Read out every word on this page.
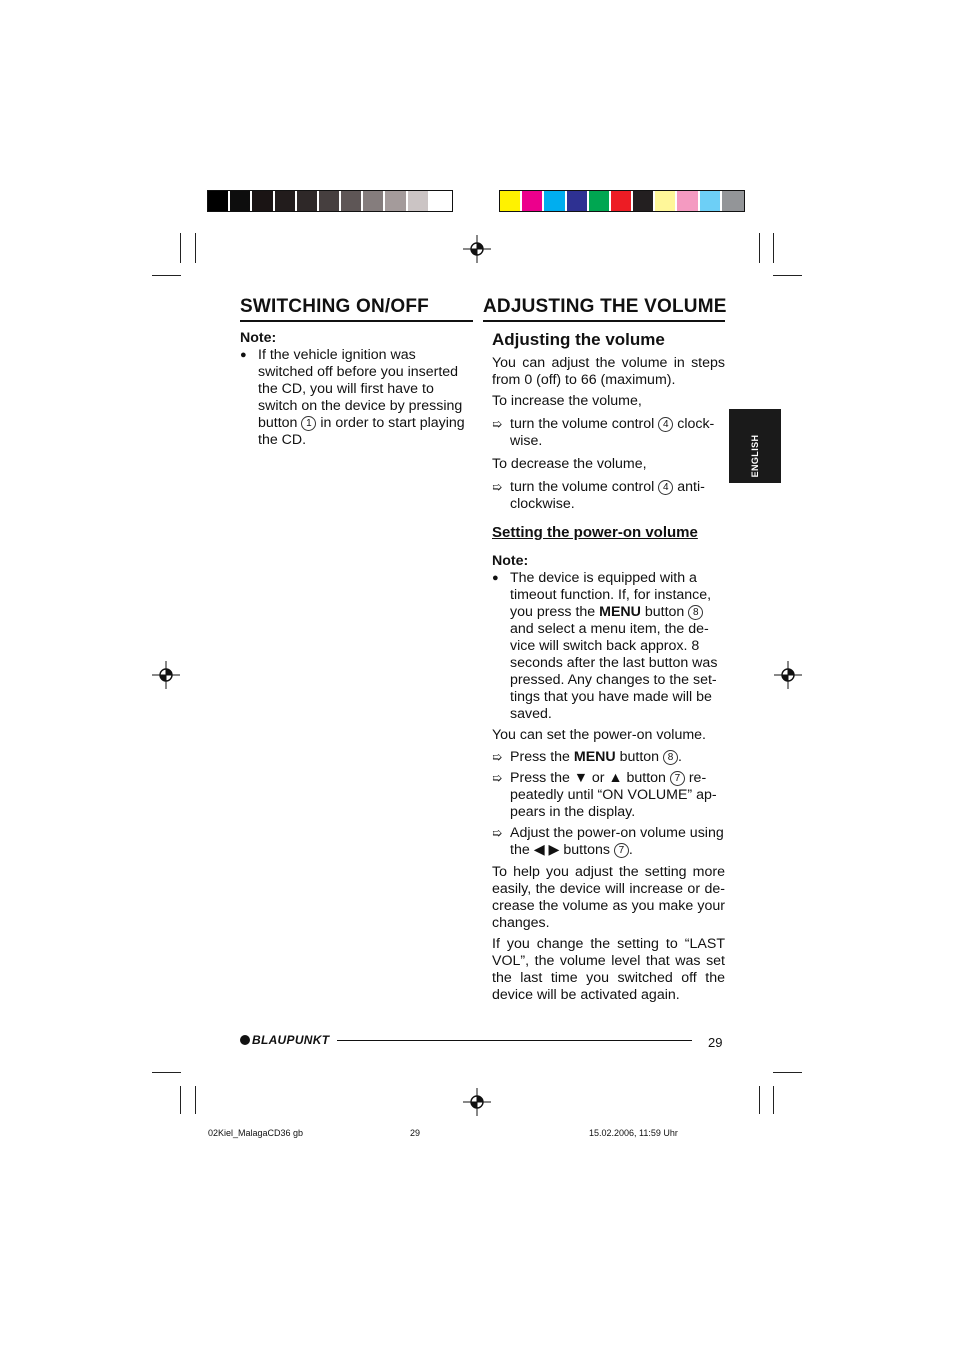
SWITCHING ON/OFF	ADJUSTING THE VOLUME

Note:

● If the vehicle ignition was switched off before you inserted the CD, you will first have to switch on the device by pressing button 1 in order to start playing the CD.

Adjusting the volume

You can adjust the volume in steps from 0 (off) to 66 (maximum).

To increase the volume,

➯ turn the volume control 4 clock-wise.

To decrease the volume,

➯ turn the volume control 4 anti-clockwise.

Setting the power-on volume

Note:

● The device is equipped with a timeout function. If, for instance, you press the MENU button 8 and select a menu item, the de-vice will switch back approx. 8 seconds after the last button was pressed. Any changes to the set-tings that you have made will be saved.

You can set the power-on volume.

➯ Press the MENU button 8 .
➯ Press the ▼ or ▲ button 7 re-peatedly until “ON VOLUME” ap-pears in the display.
➯ Adjust the power-on volume using the ◀ ▶ buttons 7 .

To help you adjust the setting more easily, the device will increase or de-crease the volume as you make your changes.

If you change the setting to “LAST VOL”, the volume level that was set the last time you switched off the device will be activated again.

ENGLISH
BLAUPUNKT	29
02Kiel_MalagaCD36 gb	29	15.02.2006, 11:59 Uhr
